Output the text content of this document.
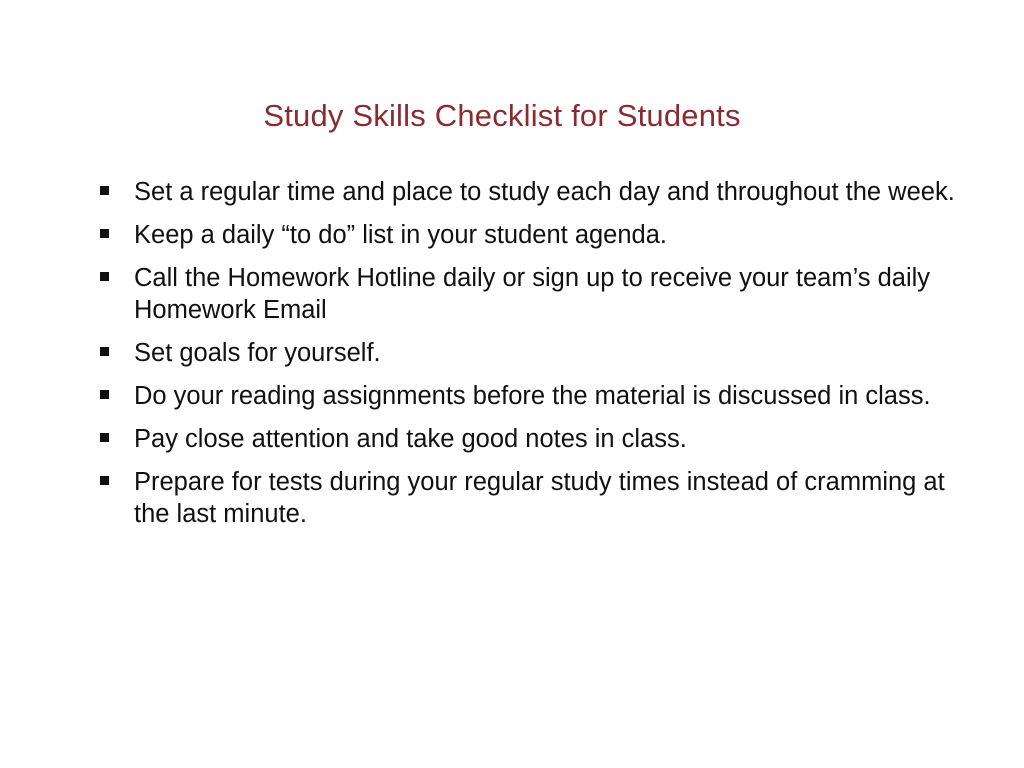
Study Skills Checklist for Students
Set a regular time and place to study each day and throughout the week.
Keep a daily “to do” list in your student agenda.
Call the Homework Hotline daily or sign up to receive your team’s daily Homework Email
Set goals for yourself.
Do your reading assignments before the material is discussed in class.
Pay close attention and take good notes in class.
Prepare for tests during your regular study times instead of cramming at the last minute.
